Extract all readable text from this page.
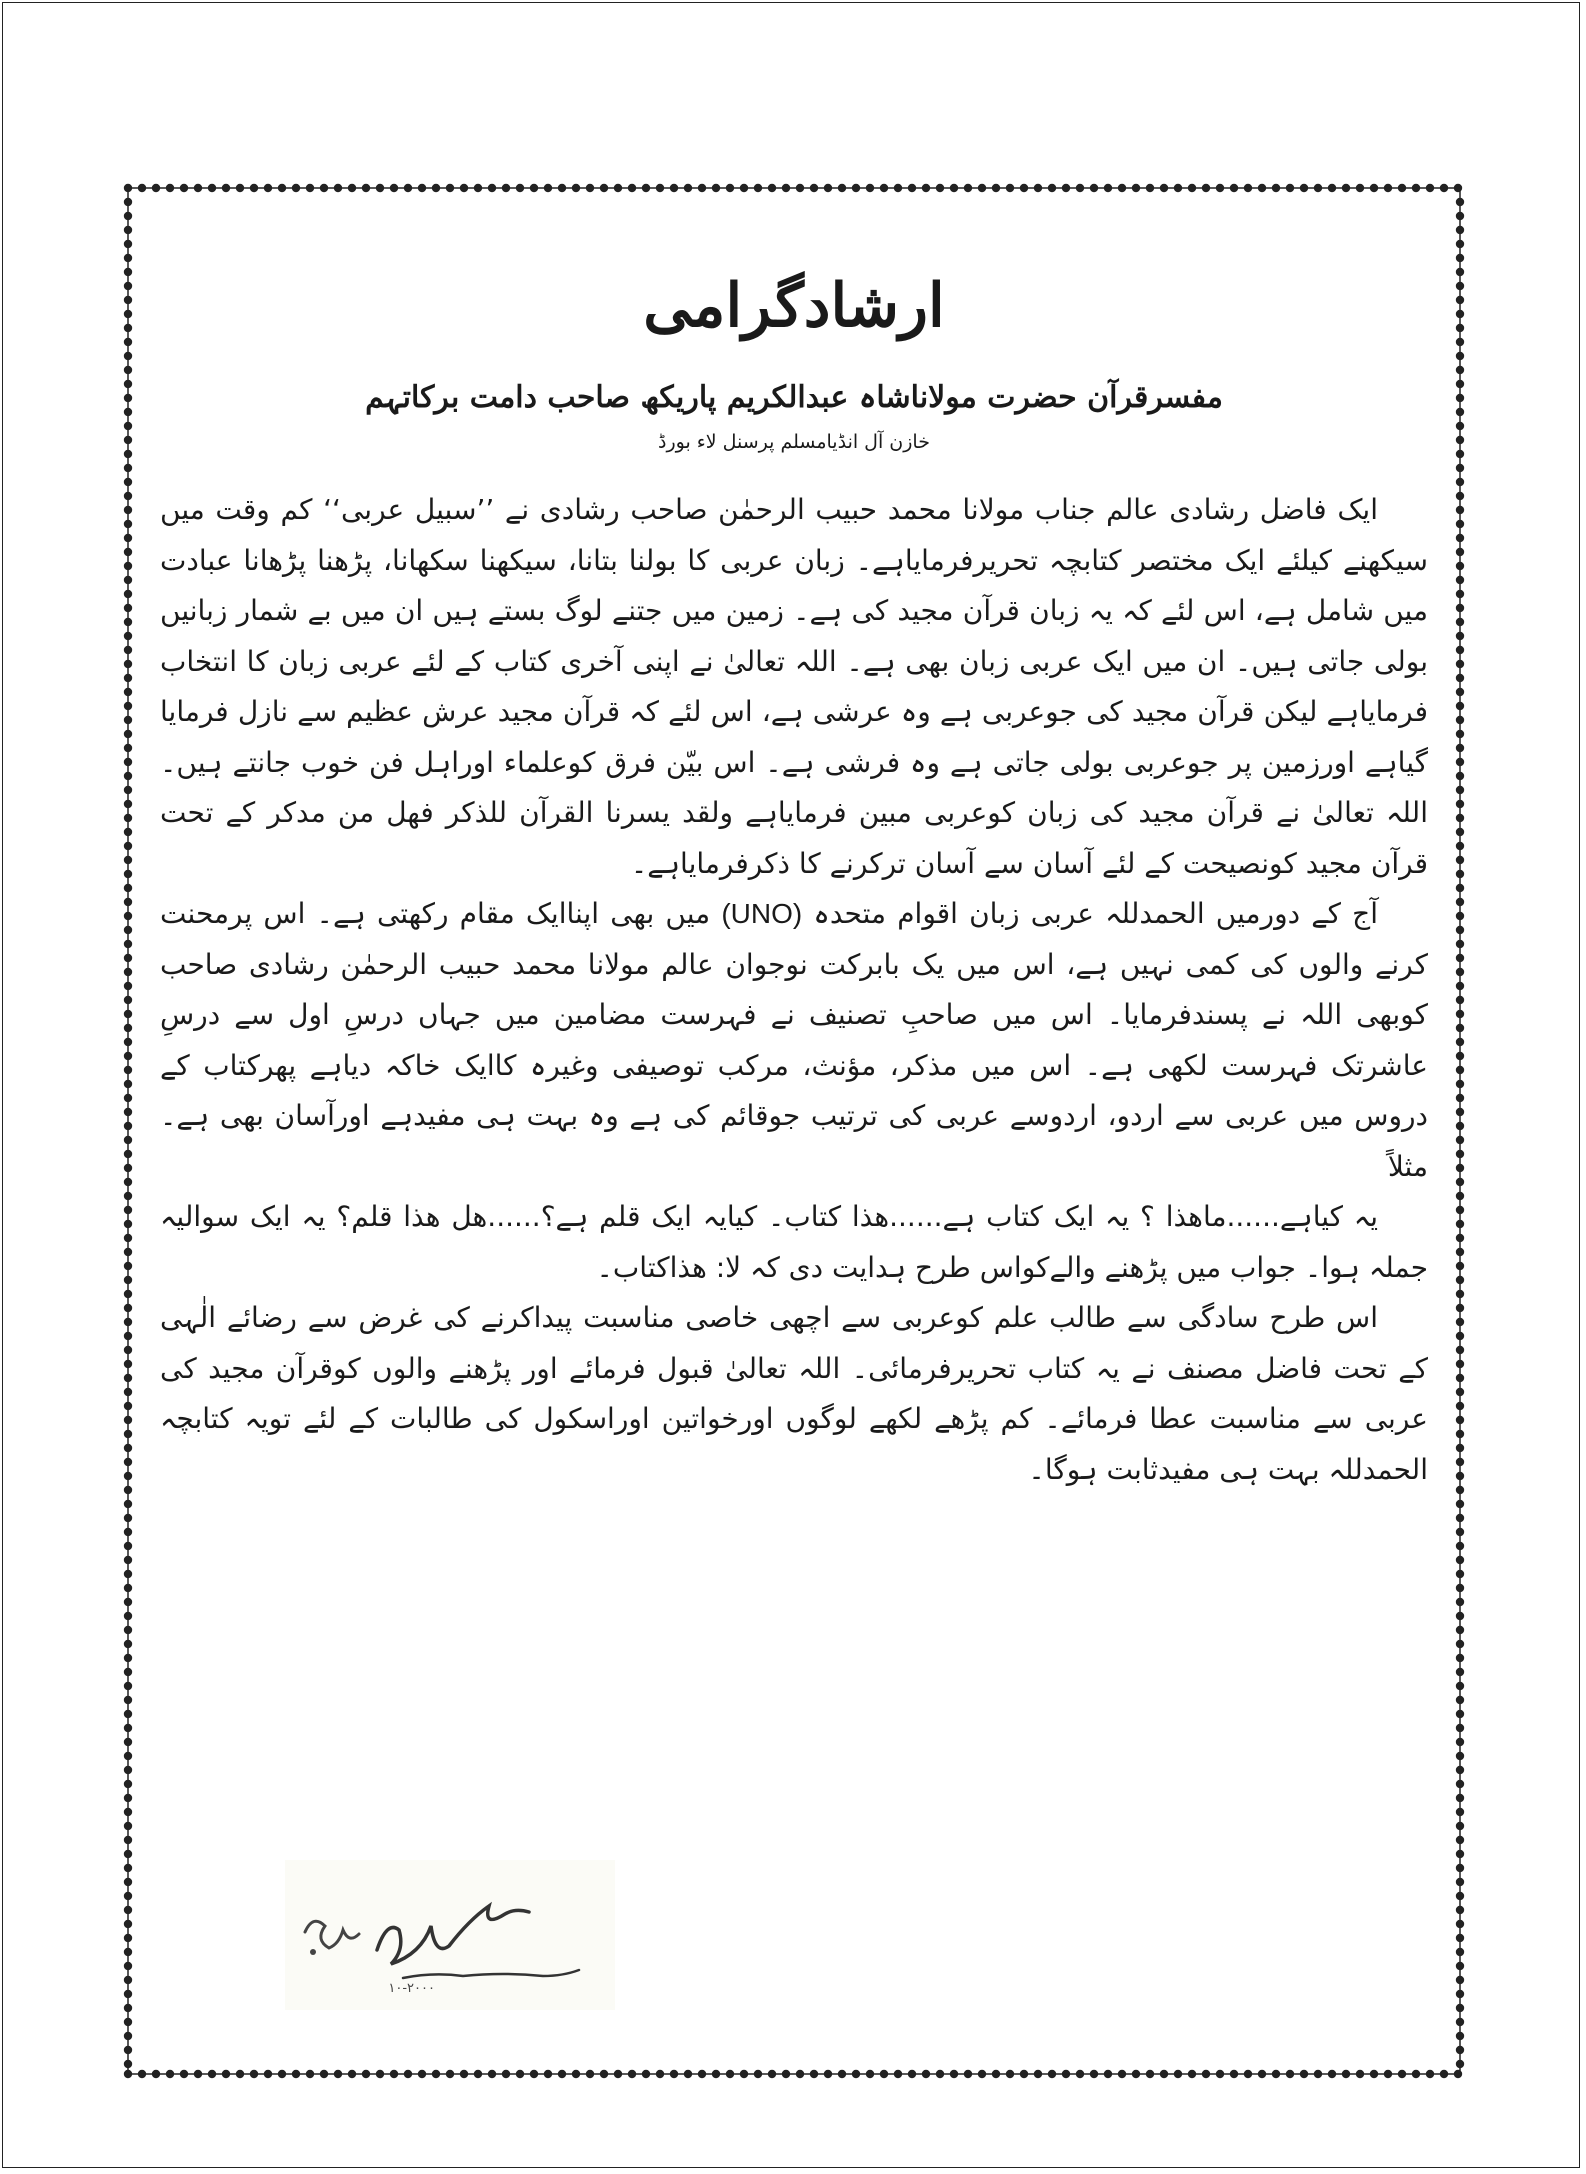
ارشادگرامی
مفسرقرآن حضرت مولاناشاہ عبدالکریم پاریکھ صاحب دامت برکاتہم
خازن آل انڈیامسلم پرسنل لاء بورڈ

ایک فاضل رشادی عالم جناب مولانا محمد حبیب الرحمٰن صاحب رشادی نے ’’سبیل عربی‘‘ کم وقت میں سیکھنے کیلئے ایک مختصر کتابچہ تحریرفرمایاہے۔ زبان عربی کا بولنا بتانا، سیکھنا سکھانا، پڑھنا پڑھانا عبادت میں شامل ہے، اس لئے کہ یہ زبان قرآن مجید کی ہے۔ زمین میں جتنے لوگ بستے ہیں ان میں بے شمار زبانیں بولی جاتی ہیں۔ ان میں ایک عربی زبان بھی ہے۔ اللہ تعالیٰ نے اپنی آخری کتاب کے لئے عربی زبان کا انتخاب فرمایاہے لیکن قرآن مجید کی جوعربی ہے وہ عرشی ہے، اس لئے کہ قرآن مجید عرش عظیم سے نازل فرمایا گیاہے اورزمین پر جوعربی بولی جاتی ہے وہ فرشی ہے۔ اس بیّن فرق کوعلماء اوراہل فن خوب جانتے ہیں۔ اللہ تعالیٰ نے قرآن مجید کی زبان کوعربی مبین فرمایاہے ولقد یسرنا القرآن للذکر فھل من مدکر کے تحت قرآن مجید کونصیحت کے لئے آسان سے آسان ترکرنے کا ذکرفرمایاہے۔

آج کے دورمیں الحمدللہ عربی زبان اقوام متحدہ (UNO) میں بھی اپناایک مقام رکھتی ہے۔ اس پرمحنت کرنے والوں کی کمی نہیں ہے، اس میں یک بابرکت نوجوان عالم مولانا محمد حبیب الرحمٰن رشادی صاحب کوبھی اللہ نے پسندفرمایا۔ اس میں صاحبِ تصنیف نے فہرست مضامین میں جہاں درسِ اول سے درسِ عاشرتک فہرست لکھی ہے۔ اس میں مذکر، مؤنث، مرکب توصیفی وغیرہ کاایک خاکہ دیاہے پھرکتاب کے دروس میں عربی سے اردو، اردوسے عربی کی ترتیب جوقائم کی ہے وہ بہت ہی مفیدہے اورآسان بھی ہے۔ مثلاً

یہ کیاہے......ماھذا ؟ یہ ایک کتاب ہے......ھذا کتاب۔ کیایہ ایک قلم ہے؟......ھل ھذا قلم؟ یہ ایک سوالیہ جملہ ہوا۔ جواب میں پڑھنے والےکواس طرح ہدایت دی کہ لا: ھذاکتاب۔

اس طرح سادگی سے طالب علم کوعربی سے اچھی خاصی مناسبت پیداکرنے کی غرض سے رضائے الٰہی کے تحت فاضل مصنف نے یہ کتاب تحریرفرمائی۔ اللہ تعالیٰ قبول فرمائے اور پڑھنے والوں کوقرآن مجید کی عربی سے مناسبت عطا فرمائے۔ کم پڑھے لکھے لوگوں اورخواتین اوراسکول کی طالبات کے لئے تویہ کتابچہ الحمدللہ بہت ہی مفیدثابت ہوگا۔

۱۰-۲۰۰۰
